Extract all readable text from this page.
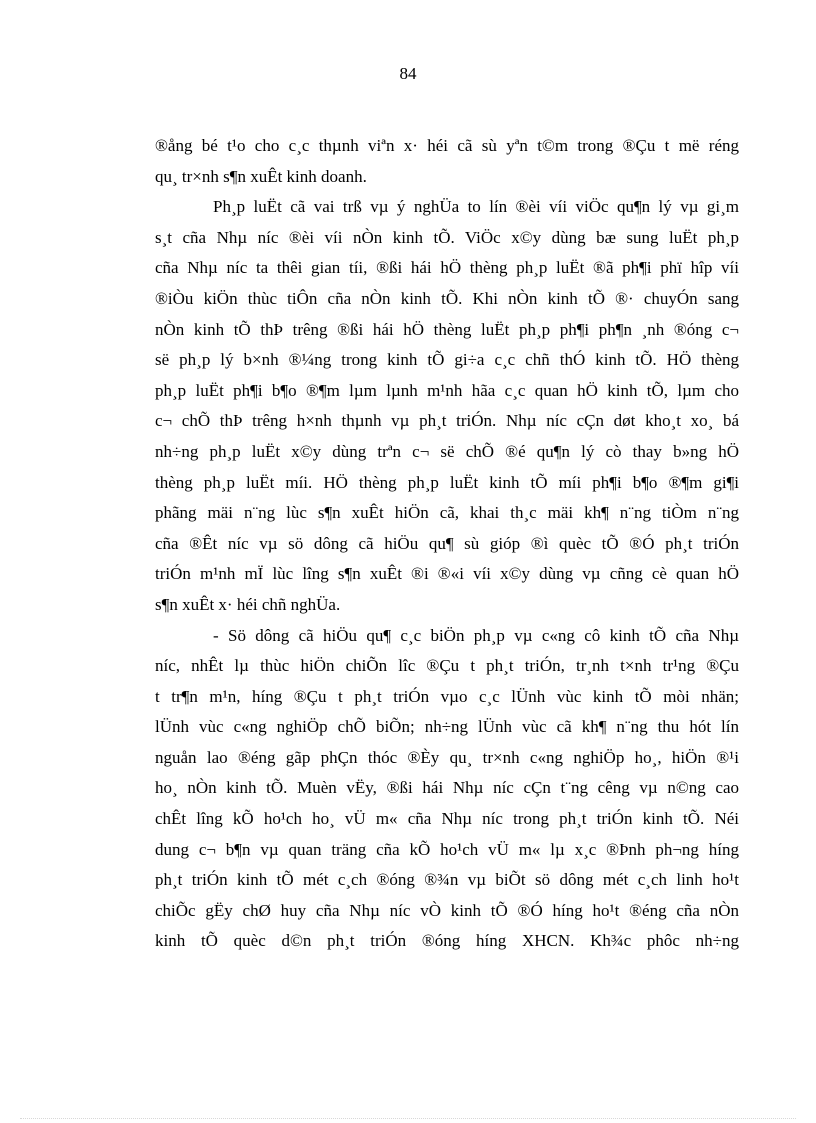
84
®ång bé t¹o cho c¸c thµnh viªn x· héi cã sù yªn t©m trong ®Çu t më réng
qu¸ tr×nh s¶n xuÊt kinh doanh.
Ph¸p luËt cã vai trß vµ ý nghÜa to lín ®èi víi viÖc qu¶n lý vµ gi¸m
s¸t cña Nhµ níc ®èi víi nÒn kinh tÕ. ViÖc x©y dùng bæ sung luËt ph¸p
cña Nhµ níc ta thêi gian tíi, ®ßi hái hÖ thèng ph¸p luËt ®ã ph¶i phï hîp víi
®iÒu kiÖn thùc tiÔn cña nÒn kinh tÕ. Khi nÒn kinh tÕ ®· chuyÓn sang
nÒn kinh tÕ thÞ trêng ®ßi hái hÖ thèng luËt ph¸p ph¶i ph¶n ¸nh ®óng c¬
së ph¸p lý b×nh ®¼ng trong kinh tÕ gi÷a c¸c chñ thÓ kinh tÕ. HÖ thèng
ph¸p luËt ph¶i b¶o ®¶m lµm lµnh m¹nh hãa c¸c quan hÖ kinh tÕ, lµm cho
c¬ chÕ thÞ trêng h×nh thµnh vµ ph¸t triÓn. Nhµ níc cÇn døt kho¸t xo¸ bá
nh÷ng ph¸p luËt x©y dùng trªn c¬ së chÕ ®é qu¶n lý cò thay b»ng hÖ
thèng ph¸p luËt míi. HÖ thèng ph¸p luËt kinh tÕ míi ph¶i b¶o ®¶m gi¶i
phãng mäi n¨ng lùc s¶n xuÊt hiÖn cã, khai th¸c mäi kh¶ n¨ng tiÒm n¨ng
cña ®Êt níc vµ sö dông cã hiÖu qu¶ sù gióp ®ì quèc tÕ ®Ó ph¸t triÓn
triÓn m¹nh mÏ lùc lîng s¶n xuÊt ®i ®«i víi x©y dùng vµ cñng cè quan hÖ
s¶n xuÊt x· héi chñ nghÜa.
- Sö dông cã hiÖu qu¶ c¸c biÖn ph¸p vµ c«ng cô kinh tÕ cña Nhµ
níc, nhÊt lµ thùc hiÖn chiÕn lîc ®Çu t ph¸t triÓn, tr¸nh t×nh tr¹ng ®Çu
t tr¶n m¹n, híng ®Çu t ph¸t triÓn vµo c¸c lÜnh vùc kinh tÕ mòi nhän;
lÜnh vùc c«ng nghiÖp chÕ biÕn; nh÷ng lÜnh vùc cã kh¶ n¨ng thu hót lín
nguån lao ®éng gãp phÇn thóc ®Èy qu¸ tr×nh c«ng nghiÖp ho¸, hiÖn ®¹i
ho¸ nÒn kinh tÕ. Muèn vËy, ®ßi hái Nhµ níc cÇn t¨ng cêng vµ n©ng cao
chÊt lîng kÕ ho¹ch ho¸ vÜ m« cña Nhµ níc trong ph¸t triÓn kinh tÕ. Néi
dung c¬ b¶n vµ quan träng cña kÕ ho¹ch vÜ m« lµ x¸c ®Þnh ph¬ng híng
ph¸t triÓn kinh tÕ mét c¸ch ®óng ®¾n vµ biÕt sö dông mét c¸ch linh ho¹t
chiÕc gËy chØ huy cña Nhµ níc vÒ kinh tÕ ®Ó híng ho¹t ®éng cña nÒn
kinh tÕ quèc d©n ph¸t triÓn ®óng híng XHCN. Kh¾c phôc nh÷ng
